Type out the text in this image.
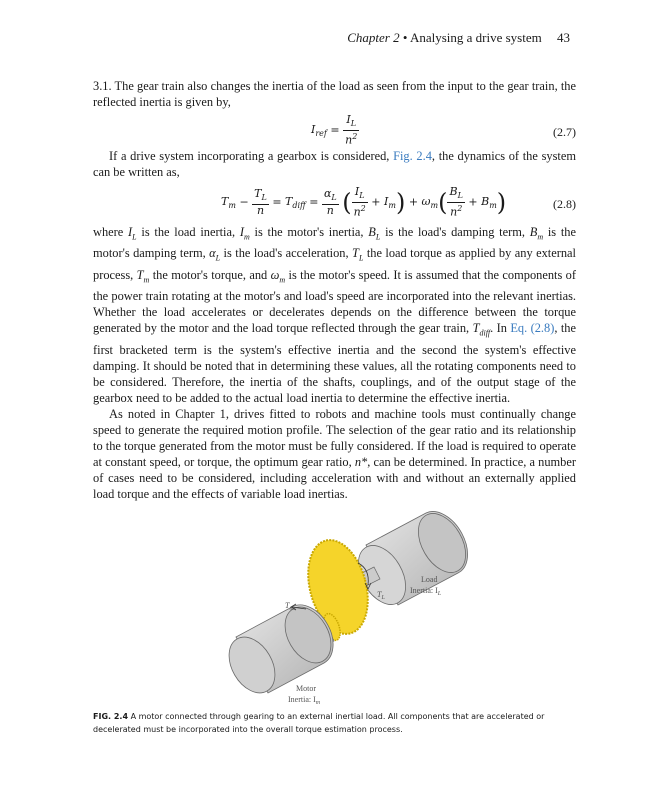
Chapter 2 • Analysing a drive system 43

3.1. The gear train also changes the inertia of the load as seen from the input to the gear train, the reflected inertia is given by,

$I_{ref} = \frac{I_L}{n^2}$	(2.7)

If a drive system incorporating a gearbox is considered, Fig. 2.4, the dynamics of the system can be written as,

$T_m - \frac{T_L}{n} = T_{diff} = \frac{\alpha_L}{n}$ ( $\frac{I_L}{n^2} + I_m) + \omega_m( \frac{B_L}{n^2} + B_m)$	(2.8)

where $I_L$ is the load inertia, $I_m$ is the motor's inertia, $B_L$ is the load's damping term, $B_m$ is the motor's damping term, $\alpha_L$ is the load's acceleration, $T_L$ the load torque as applied by any external process, $T_m$ the motor's torque, and $\omega_m$ is the motor's speed. It is assumed that the components of the power train rotating at the motor's and load's speed are incorporated into the relevant inertias. Whether the load accelerates or decelerates depends on the difference between the torque generated by the motor and the load torque reflected through the gear train, $T_{diff}$. In Eq. (2.8), the first bracketed term is the system's effective inertia and the second the system's effective damping. It should be noted that in determining these values, all the rotating components need to be considered. Therefore, the inertia of the shafts, couplings, and of the output stage of the gearbox need to be added to the actual load inertia to determine the effective inertia.

As noted in Chapter 1, drives fitted to robots and machine tools must continually change speed to generate the required motion profile. The selection of the gear ratio and its relationship to the torque generated from the motor must be fully considered. If the load is required to operate at constant speed, or torque, the optimum gear ratio, n*, can be determined. In practice, a number of cases need to be considered, including acceleration with and without an externally applied load torque and the effects of variable load inertias.

$T_L$
Load
Inertia: $I_L$
$T_m$
Motor
Inertia: $I_m$
FIG. 2.4 A motor connected through gearing to an external inertial load. All components that are accelerated or decelerated must be incorporated into the overall torque estimation process.
